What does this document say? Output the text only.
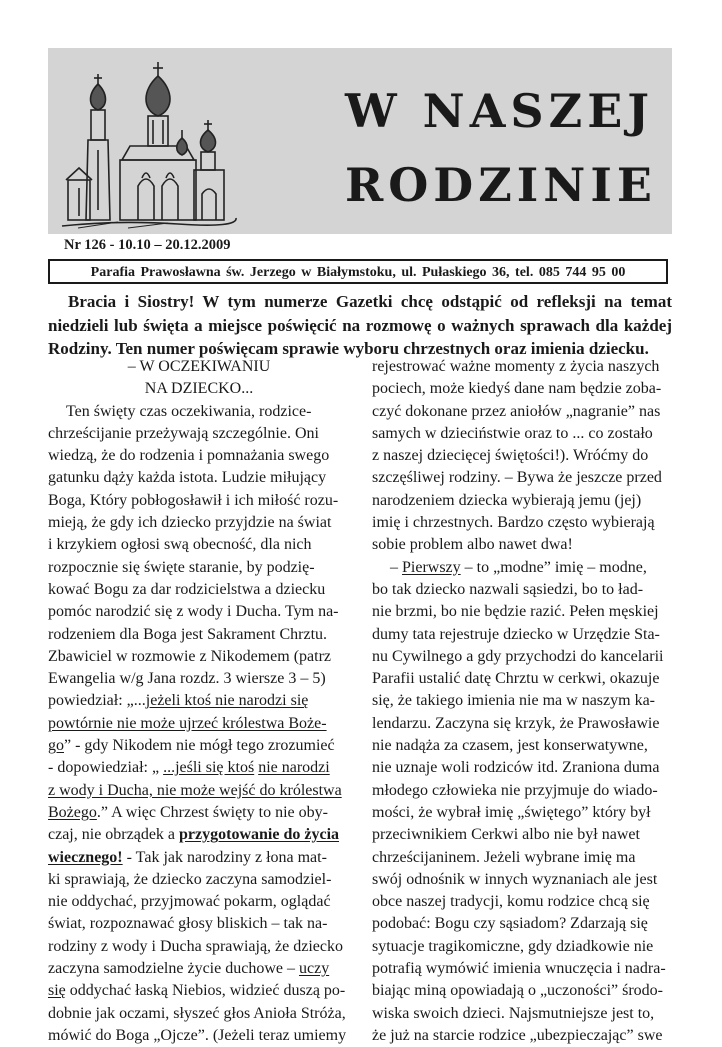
W NASZEJ
RODZINIE
Nr 126 - 10.10 – 20.12.2009
Parafia Prawosławna św. Jerzego w Białymstoku, ul. Pułaskiego 36, tel. 085 744 95 00
Bracia i Siostry! W tym numerze Gazetki chcę odstąpić od refleksji na temat niedzieli lub święta a miejsce poświęcić na rozmowę o ważnych sprawach dla każdej Rodziny. Ten numer poświęcam sprawie wyboru chrzestnych oraz imienia dziecku.
– W OCZEKIWANIU
NA DZIECKO...
Ten święty czas oczekiwania, rodzice-
chrześcijanie przeżywają szczególnie. Oni
wiedzą, że do rodzenia i pomnażania swego
gatunku dąży każda istota. Ludzie miłujący
Boga, Który pobłogosławił i ich miłość rozu-
mieją, że gdy ich dziecko przyjdzie na świat
i krzykiem ogłosi swą obecność, dla nich
rozpocznie się święte staranie, by podzię-
kować Bogu za dar rodzicielstwa a dziecku
pomóc narodzić się z wody i Ducha. Tym na-
rodzeniem dla Boga jest Sakrament Chrztu.
Zbawiciel w rozmowie z Nikodemem (patrz
Ewangelia w/g Jana rozdz. 3 wiersze 3 – 5)
powiedział: „...jeżeli ktoś nie narodzi się
powtórnie nie może ujrzeć królestwa Boże-
go” - gdy Nikodem nie mógł tego zrozumieć
- dopowiedział: „ ...jeśli się ktoś nie narodzi
z wody i Ducha, nie może wejść do królestwa
Bożego.” A więc Chrzest święty to nie oby-
czaj, nie obrządek a przygotowanie do życia
wiecznego! - Tak jak narodziny z łona mat-
ki sprawiają, że dziecko zaczyna samodziel-
nie oddychać, przyjmować pokarm, oglądać
świat, rozpoznawać głosy bliskich – tak na-
rodziny z wody i Ducha sprawiają, że dziecko
zaczyna samodzielne życie duchowe – uczy
się oddychać łaską Niebios, widzieć duszą po-
dobnie jak oczami, słyszeć głos Anioła Stróża,
mówić do Boga „Ojcze”. (Jeżeli teraz umiemy
rejestrować ważne momenty z życia naszych
pociech, może kiedyś dane nam będzie zoba-
czyć dokonane przez aniołów „nagranie” nas
samych w dzieciństwie oraz to ... co zostało
z naszej dziecięcej świętości!). Wróćmy do
szczęśliwej rodziny. – Bywa że jeszcze przed
narodzeniem dziecka wybierają jemu (jej)
imię i chrzestnych. Bardzo często wybierają
sobie problem albo nawet dwa!
– Pierwszy – to „modne” imię – modne,
bo tak dziecko nazwali sąsiedzi, bo to ład-
nie brzmi, bo nie będzie razić. Pełen męskiej
dumy tata rejestruje dziecko w Urzędzie Sta-
nu Cywilnego a gdy przychodzi do kancelarii
Parafii ustalić datę Chrztu w cerkwi, okazuje
się, że takiego imienia nie ma w naszym ka-
lendarzu. Zaczyna się krzyk, że Prawosławie
nie nadąża za czasem, jest konserwatywne,
nie uznaje woli rodziców itd. Zraniona duma
młodego człowieka nie przyjmuje do wiado-
mości, że wybrał imię „świętego” który był
przeciwnikiem Cerkwi albo nie był nawet
chrześcijaninem. Jeżeli wybrane imię ma
swój odnośnik w innych wyznaniach ale jest
obce naszej tradycji, komu rodzice chcą się
podobać: Bogu czy sąsiadom? Zdarzają się
sytuacje tragikomiczne, gdy dziadkowie nie
potrafią wymówić imienia wnuczęcia i nadra-
biając miną opowiadają o „uczoności” środo-
wiska swoich dzieci. Najsmutniejsze jest to,
że już na starcie rodzice „ubezpieczając” swe
